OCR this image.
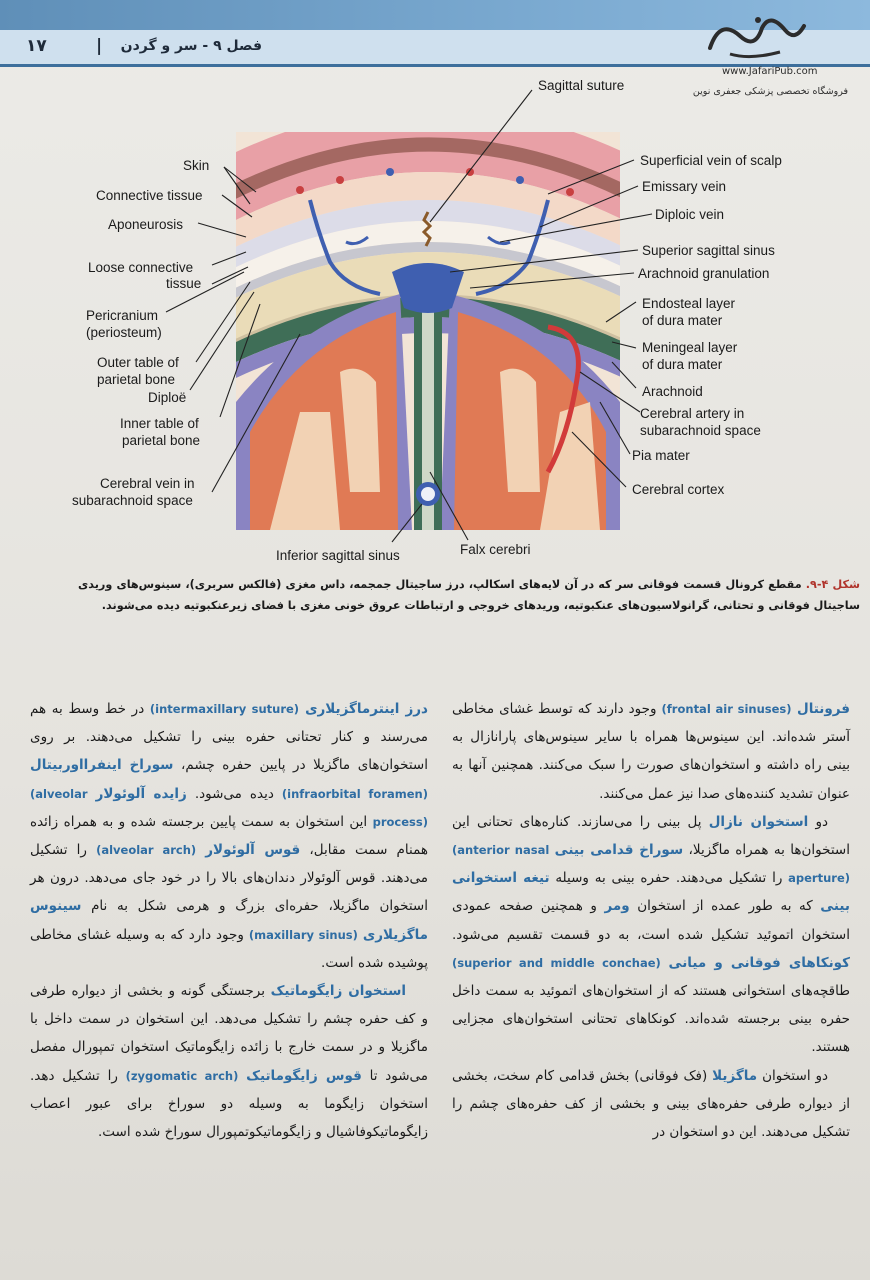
۱۷	|	فصل ۹ - سر و گردن
www.JafariPub.com
فروشگاه تخصصی پزشکی جعفری نوین
Sagittal suture
Skin
Connective tissue
Aponeurosis
Loose connective
tissue
Pericranium
(periosteum)
Outer table of
parietal bone
Diploë
Inner table of
parietal bone
Cerebral vein in
subarachnoid space
Inferior sagittal sinus	Falx cerebri
Superficial vein of scalp
Emissary vein
Diploic vein
Superior sagittal sinus
Arachnoid granulation
Endosteal layer
of dura mater
Meningeal layer
of dura mater
Arachnoid
Cerebral artery in
subarachnoid space
Pia mater
Cerebral cortex
شکل ۴-۹. مقطع کرونال قسمت فوقانی سر که در آن لایه‌های اسکالپ، درز ساجیتال جمجمه، داس مغزی (فالکس سربری)، سینوس‌های وریدی ساجیتال فوقانی و تحتانی، گرانولاسیون‌های عنکبوتیه، وریدهای خروجی و ارتباطات عروق خونی مغزی با فضای زیرعنکبوتیه دیده می‌شوند.

فرونتال (frontal air sinuses) وجود دارند که توسط غشای مخاطی آستر شده‌اند. این سینوس‌ها همراه با سایر سینوس‌های پارانازال به بینی راه داشته و استخوان‌های صورت را سبک می‌کنند. همچنین آنها به عنوان تشدید کننده‌های صدا نیز عمل می‌کنند.

دو استخوان نازال پل بینی را می‌سازند. کناره‌های تحتانی این استخوان‌ها به همراه ماگزیلا، سوراخ قدامی بینی (anterior nasal aperture) را تشکیل می‌دهند. حفره بینی به وسیله تیغه استخوانی بینی که به طور عمده از استخوان ومر و همچنین صفحه عمودی استخوان اتموئید تشکیل شده است، به دو قسمت تقسیم می‌شود. کونکاهای فوقانی و میانی (superior and middle conchae) طاقچه‌های استخوانی هستند که از استخوان‌های اتموئید به سمت داخل حفره بینی برجسته شده‌اند. کونکاهای تحتانی استخوان‌های مجزایی هستند.

دو استخوان ماگزیلا (فک فوقانی) بخش قدامی کام سخت، بخشی از دیواره طرفی حفره‌های بینی و بخشی از کف حفره‌های چشم را تشکیل می‌دهند. این دو استخوان در

درز اینترماگزیلاری (intermaxillary suture) در خط وسط به هم می‌رسند و کنار تحتانی حفره بینی را تشکیل می‌دهند. بر روی استخوان‌های ماگزیلا در پایین حفره چشم، سوراخ اینفرااوربیتال (infraorbital foramen) دیده می‌شود. زایده آلوئولار (alveolar process) این استخوان به سمت پایین برجسته شده و به همراه زائده همنام سمت مقابل، قوس آلوئولار (alveolar arch) را تشکیل می‌دهند. قوس آلوئولار دندان‌های بالا را در خود جای می‌دهد. درون هر استخوان ماگزیلا، حفره‌ای بزرگ و هرمی شکل به نام سینوس ماگزیلاری (maxillary sinus) وجود دارد که به وسیله غشای مخاطی پوشیده شده است.

استخوان زایگوماتیک برجستگی گونه و بخشی از دیواره طرفی و کف حفره چشم را تشکیل می‌دهد. این استخوان در سمت داخل با ماگزیلا و در سمت خارج با زائده زایگوماتیک استخوان تمپورال مفصل می‌شود تا قوس زایگوماتیک (zygomatic arch) را تشکیل دهد. استخوان زایگوما به وسیله دو سوراخ برای عبور اعصاب زایگوماتیکوفاشیال و زایگوماتیکوتمپورال سوراخ شده است.
